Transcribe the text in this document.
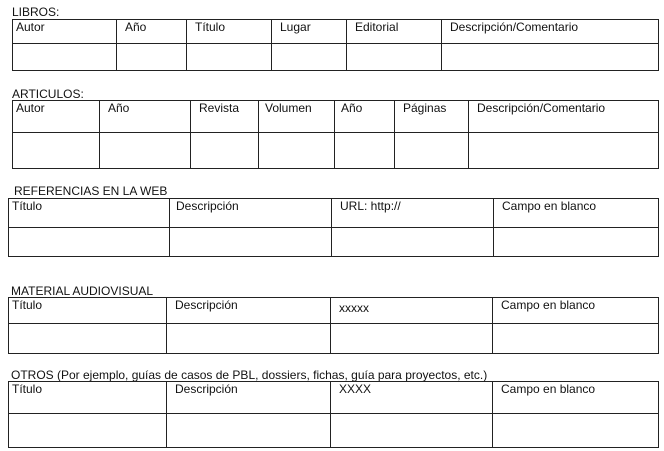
LIBROS:
Autor	Año	Título	Lugar	Editorial	Descripción/Comentario

ARTICULOS:
Autor	Año	Revista	Volumen	Año	Páginas	Descripción/Comentario

REFERENCIAS EN LA WEB
Título	Descripción	URL: http://	Campo en blanco

MATERIAL AUDIOVISUAL
Título	Descripción	xxxxx	Campo en blanco

OTROS (Por ejemplo, guías de casos de PBL, dossiers, fichas, guía para proyectos, etc.)
Título	Descripción	XXXX	Campo en blanco
